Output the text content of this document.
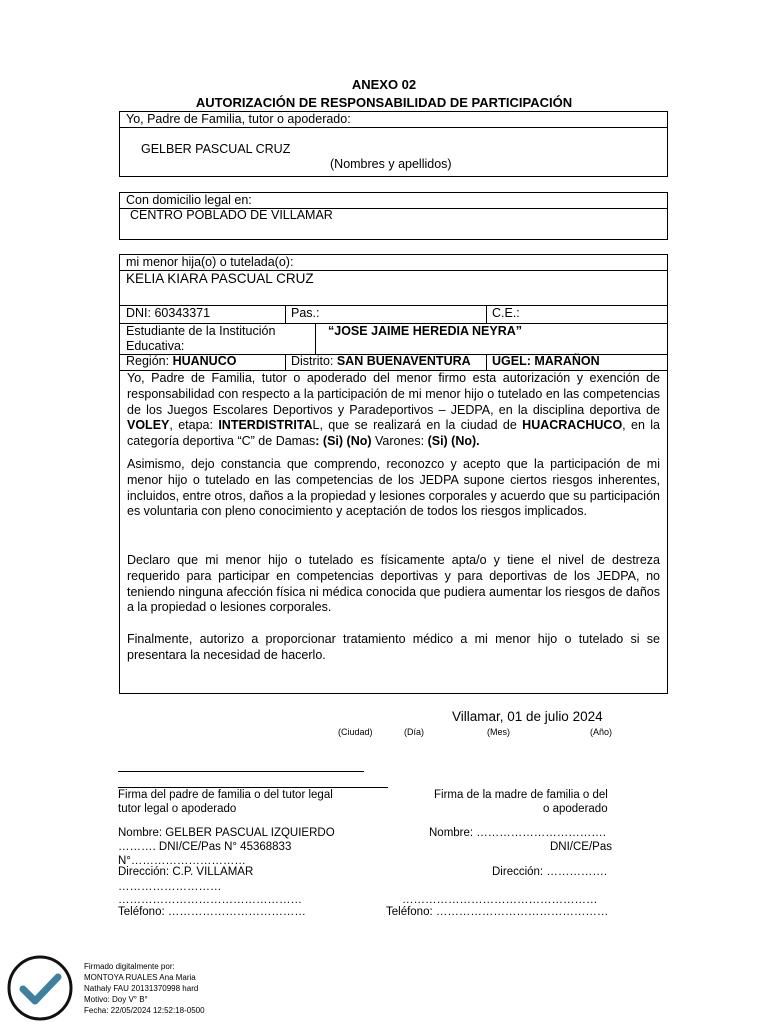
ANEXO 02
AUTORIZACIÓN DE RESPONSABILIDAD DE PARTICIPACIÓN
Yo, Padre de Familia, tutor o apoderado:
GELBER PASCUAL CRUZ
(Nombres y apellidos)
Con domicilio legal en:
CENTRO POBLADO DE VILLAMAR
mi menor hija(o) o tutelada(o):
KELIA KIARA PASCUAL CRUZ
DNI: 60343371	Pas.:	C.E.:
Estudiante de la Institución
Educativa:
“JOSE JAIME HEREDIA NEYRA”
Región: HUANUCO	Distrito: SAN BUENAVENTURA UGEL: MARAÑON
Yo, Padre de Familia, tutor o apoderado del menor firmo esta autorización y exención de responsabilidad con respecto a la participación de mi menor hijo o tutelado en las competencias de los Juegos Escolares Deportivos y Paradeportivos – JEDPA, en la disciplina deportiva de VOLEY, etapa: INTERDISTRITAL, que se realizará en la ciudad de HUACRACHUCO, en la categoría deportiva “C” de Damas: (Si) (No) Varones: (Si) (No).
Asimismo, dejo constancia que comprendo, reconozco y acepto que la participación de mi menor hijo o tutelado en las competencias de los JEDPA supone ciertos riesgos inherentes, incluidos, entre otros, daños a la propiedad y lesiones corporales y acuerdo que su participación es voluntaria con pleno conocimiento y aceptación de todos los riesgos implicados.
Declaro que mi menor hijo o tutelado es físicamente apta/o y tiene el nivel de destreza requerido para participar en competencias deportivas y para deportivas de los JEDPA, no teniendo ninguna afección física ni médica conocida que pudiera aumentar los riesgos de daños a la propiedad o lesiones corporales.
Finalmente, autorizo a proporcionar tratamiento médico a mi menor hijo o tutelado si se presentara la necesidad de hacerlo.
Villamar, 01 de julio 2024
(Ciudad)	(Día)	(Mes)	(Año)
Firma del padre de familia o del tutor legal
tutor legal o apoderado
Firma de la madre de familia o del
o apoderado
Nombre: GELBER PASCUAL IZQUIERDO
………. DNI/CE/Pas N° 45368833
N°…………………………
Dirección: C.P. VILLAMAR
………………………
…………………………………………
Teléfono: ………………………………
Nombre: …………………………….
DNI/CE/Pas
Dirección: …………….
……………………………………………
Teléfono: ………………………………………
Firmado digitalmente por:
MONTOYA RUALES Ana Maria
Nathaly FAU 20131370998 hard
Motivo: Doy V° B°
Fecha: 22/05/2024 12:52:18-0500
